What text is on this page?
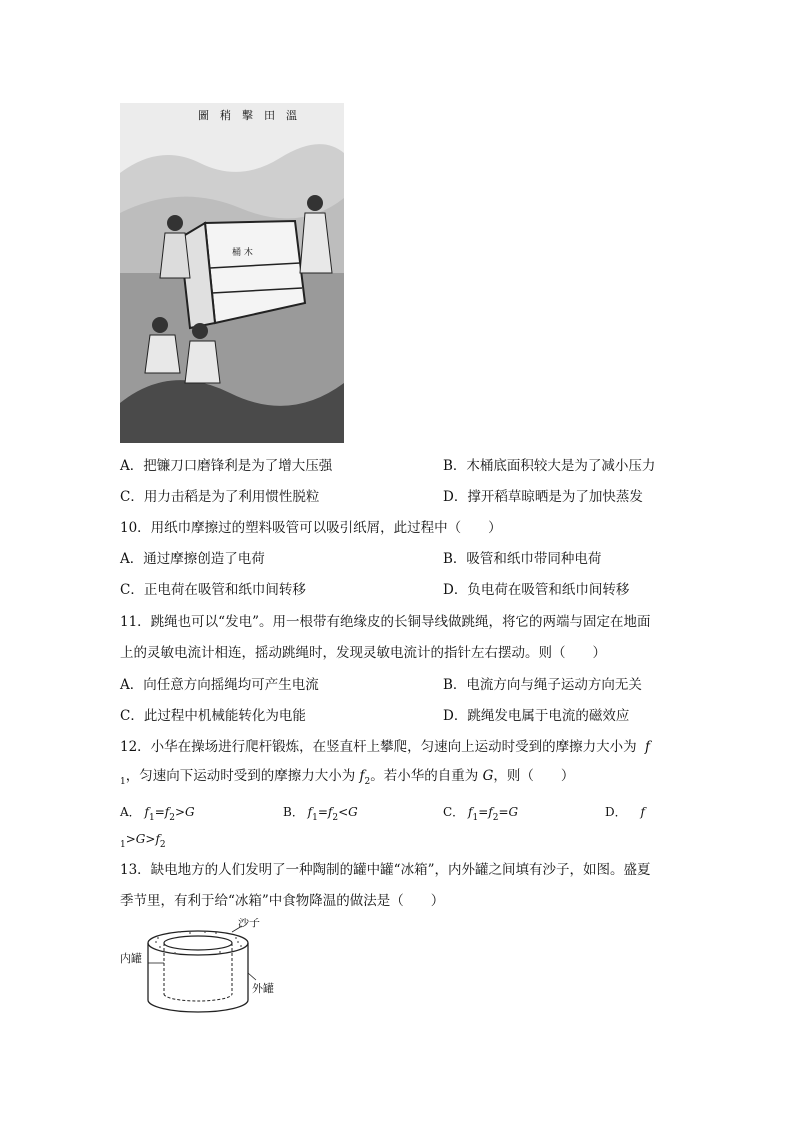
圖 稍 擊 田 溫
桶 木
A．把镰刀口磨锋利是为了增大压强	B．木桶底面积较大是为了减小压力
C．用力击稻是为了利用惯性脱粒	D．撑开稻草晾晒是为了加快蒸发
10．用纸巾摩擦过的塑料吸管可以吸引纸屑，此过程中（　　）
A．通过摩擦创造了电荷	B．吸管和纸巾带同种电荷
C．正电荷在吸管和纸巾间转移	D．负电荷在吸管和纸巾间转移
11．跳绳也可以“发电”。用一根带有绝缘皮的长铜导线做跳绳，将它的两端与固定在地面
上的灵敏电流计相连，摇动跳绳时，发现灵敏电流计的指针左右摆动。则（　　）
A．向任意方向摇绳均可产生电流	B．电流方向与绳子运动方向无关
C．此过程中机械能转化为电能	D．跳绳发电属于电流的磁效应
12．小华在操场进行爬杆锻炼，在竖直杆上攀爬，匀速向上运动时受到的摩擦力大小为 f
$_1$，匀速向下运动时受到的摩擦力大小为 $f_2$。若小华的自重为 G，则（　　）
A． $f_1=f_2>G$	B． $f_1=f_2<G$	C． $f_1=f_2=G$	D． f
$_1>G>f_2$
13．缺电地方的人们发明了一种陶制的罐中罐“冰箱”，内外罐之间填有沙子，如图。盛夏
季节里，有利于给“冰箱”中食物降温的做法是（　　）
沙子
内罐
外罐
